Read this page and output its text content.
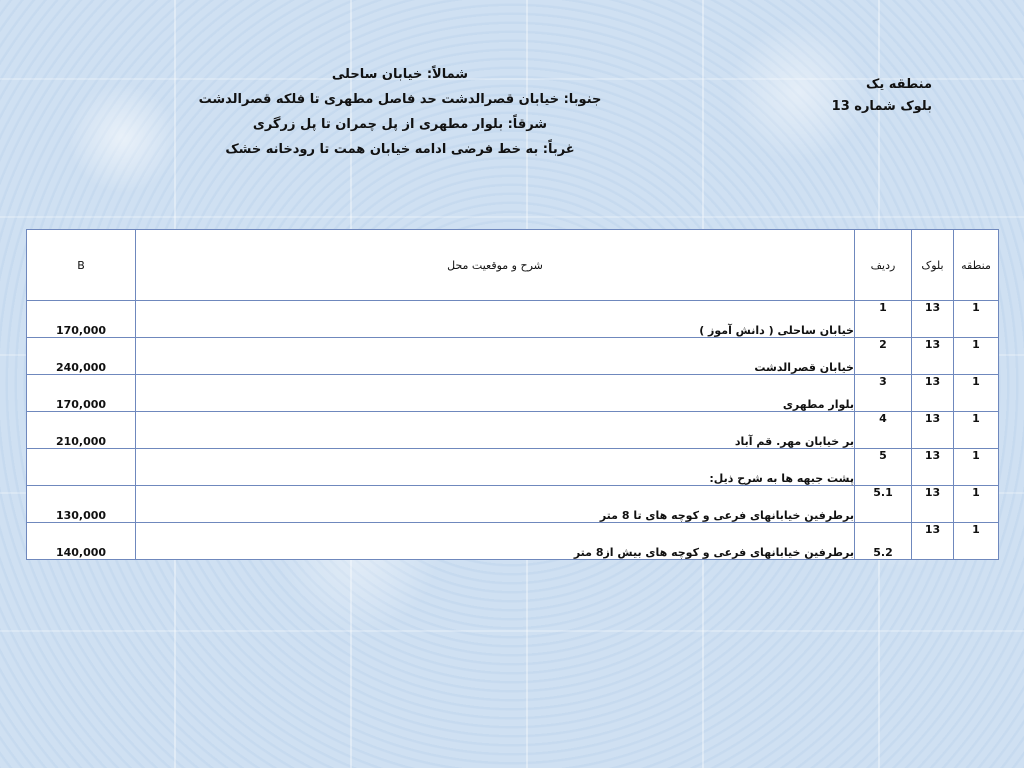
شمالاً: خیابان ساحلی
جنوبا: خیابان قصرالدشت حد فاصل مطهری تا فلکه قصرالدشت
شرقاً: بلوار مطهری از پل چمران تا پل زرگری
غرباً: به خط فرضی ادامه خیابان همت تا رودخانه خشک
منطقه یک
بلوک شماره 13
B	شرح و موقعیت محل	ردیف	بلوک	منطقه
170,000	خیابان ساحلی ( دانش آموز )	1	13	1
240,000	خیابان قصرالدشت	2	13	1
170,000	بلوار مطهری	3	13	1
210,000	بر خیابان مهر. قم آباد	4	13	1
	پشت جبهه ها به شرح ذیل:	5	13	1
130,000	برطرفین خیابانهای فرعی و کوچه های تا 8 متر	5.1	13	1
140,000	برطرفین خیابانهای فرعی و کوچه های بیش از8 متر	5.2	13	1
